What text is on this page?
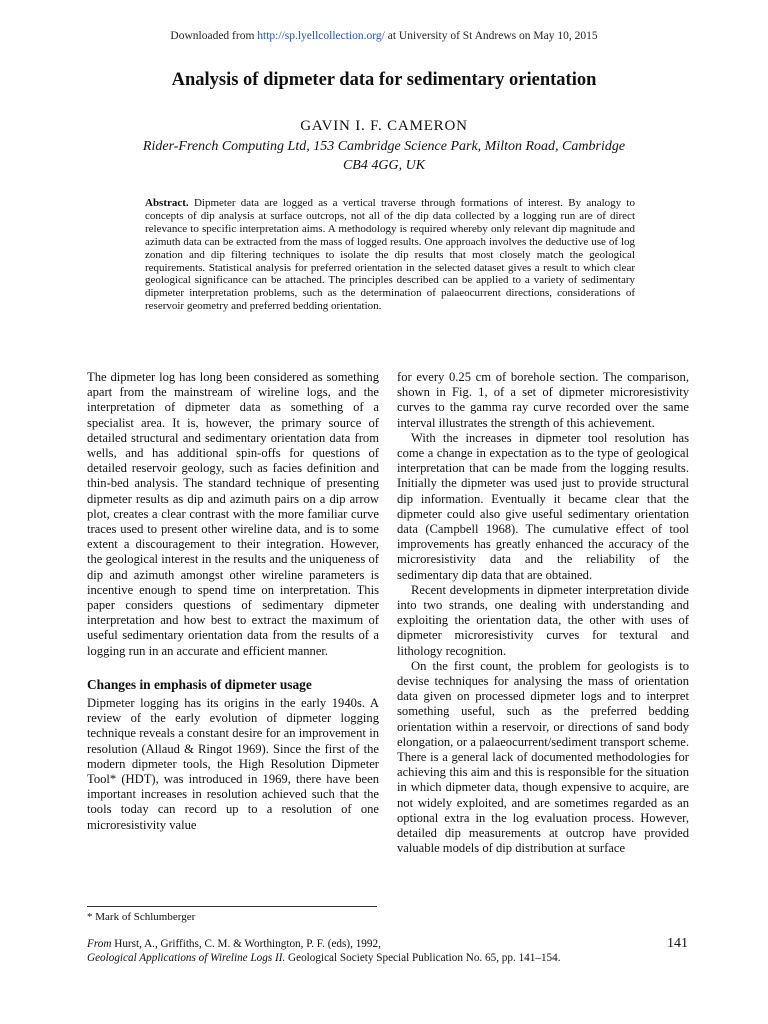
Downloaded from http://sp.lyellcollection.org/ at University of St Andrews on May 10, 2015
Analysis of dipmeter data for sedimentary orientation
GAVIN I. F. CAMERON
Rider-French Computing Ltd, 153 Cambridge Science Park, Milton Road, Cambridge
CB4 4GG, UK
Abstract. Dipmeter data are logged as a vertical traverse through formations of interest. By analogy to concepts of dip analysis at surface outcrops, not all of the dip data collected by a logging run are of direct relevance to specific interpretation aims. A methodology is required whereby only relevant dip magnitude and azimuth data can be extracted from the mass of logged results. One approach involves the deductive use of log zonation and dip filtering techniques to isolate the dip results that most closely match the geological requirements. Statistical analysis for preferred orientation in the selected dataset gives a result to which clear geological significance can be attached. The principles described can be applied to a variety of sedimentary dipmeter interpretation problems, such as the determination of palaeocurrent directions, considerations of reservoir geometry and preferred bedding orientation.

The dipmeter log has long been considered as something apart from the mainstream of wireline logs, and the interpretation of dipmeter data as something of a specialist area. It is, however, the primary source of detailed structural and sedimentary orientation data from wells, and has additional spin-offs for questions of detailed reservoir geology, such as facies definition and thin-bed analysis. The standard technique of presenting dipmeter results as dip and azimuth pairs on a dip arrow plot, creates a clear contrast with the more familiar curve traces used to present other wireline data, and is to some extent a discouragement to their integration. However, the geological interest in the results and the uniqueness of dip and azimuth amongst other wireline parameters is incentive enough to spend time on interpretation. This paper considers questions of sedimentary dipmeter interpretation and how best to extract the maximum of useful sedimentary orientation data from the results of a logging run in an accurate and efficient manner.

Changes in emphasis of dipmeter usage

Dipmeter logging has its origins in the early 1940s. A review of the early evolution of dipmeter logging technique reveals a constant desire for an improvement in resolution (Allaud & Ringot 1969). Since the first of the modern dipmeter tools, the High Resolution Dipmeter Tool* (HDT), was introduced in 1969, there have been important increases in resolution achieved such that the tools today can record up to a resolution of one microresistivity value

for every 0.25 cm of borehole section. The comparison, shown in Fig. 1, of a set of dipmeter microresistivity curves to the gamma ray curve recorded over the same interval illustrates the strength of this achievement.

With the increases in dipmeter tool resolution has come a change in expectation as to the type of geological interpretation that can be made from the logging results. Initially the dipmeter was used just to provide structural dip information. Eventually it became clear that the dipmeter could also give useful sedimentary orientation data (Campbell 1968). The cumulative effect of tool improvements has greatly enhanced the accuracy of the microresistivity data and the reliability of the sedimentary dip data that are obtained.

Recent developments in dipmeter interpretation divide into two strands, one dealing with understanding and exploiting the orientation data, the other with uses of dipmeter microresistivity curves for textural and lithology recognition.

On the first count, the problem for geologists is to devise techniques for analysing the mass of orientation data given on processed dipmeter logs and to interpret something useful, such as the preferred bedding orientation within a reservoir, or directions of sand body elongation, or a palaeocurrent/sediment transport scheme. There is a general lack of documented methodologies for achieving this aim and this is responsible for the situation in which dipmeter data, though expensive to acquire, are not widely exploited, and are sometimes regarded as an optional extra in the log evaluation process. However, detailed dip measurements at outcrop have provided valuable models of dip distribution at surface

* Mark of Schlumberger
From Hurst, A., Griffiths, C. M. & Worthington, P. F. (eds), 1992,
Geological Applications of Wireline Logs II. Geological Society Special Publication No. 65, pp. 141–154.
141
